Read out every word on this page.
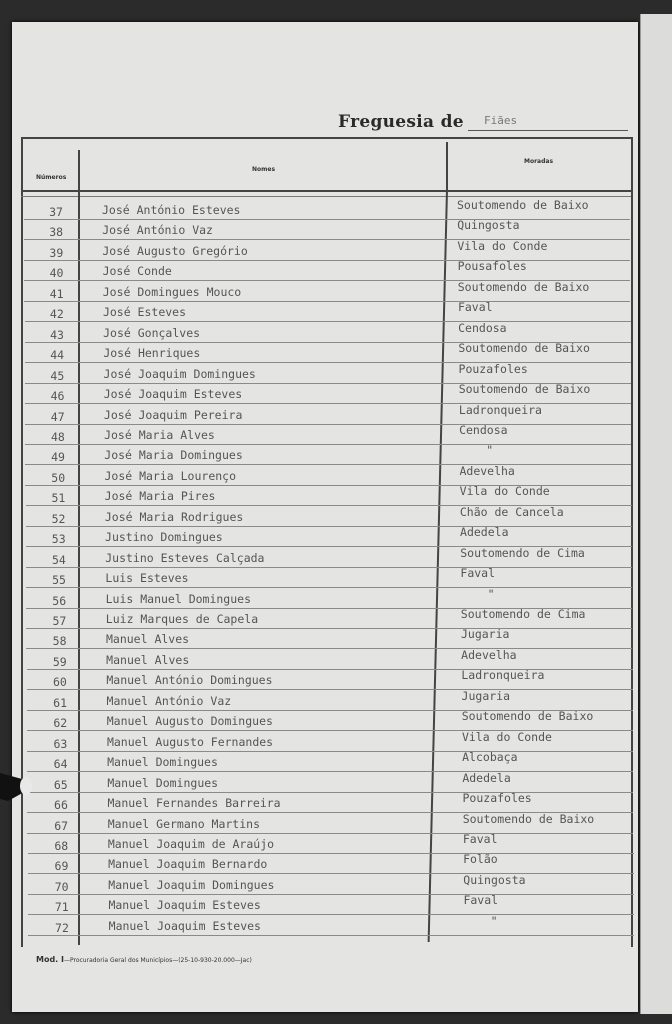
Freguesia de Fiães
Números
Nomes
Moradas
37	José António Esteves	Soutomendo de Baixo
38	José António Vaz	Quingosta
39	José Augusto Gregório	Vila do Conde
40	José Conde	Pousafoles
41	José Domingues Mouco	Soutomendo de Baixo
42	José Esteves	Faval
43	José Gonçalves	Cendosa
44	José Henriques	Soutomendo de Baixo
45	José Joaquim Domingues	Pouzafoles
46	José Joaquim Esteves	Soutomendo de Baixo
47	José Joaquim Pereira	Ladronqueira
48	José Maria Alves	Cendosa
49	José Maria Domingues	"
50	José Maria Lourenço	Adevelha
51	José Maria Pires	Vila do Conde
52	José Maria Rodrigues	Chão de Cancela
53	Justino Domingues	Adedela
54	Justino Esteves Calçada	Soutomendo de Cima
55	Luis Esteves	Faval
56	Luis Manuel Domingues	"
57	Luiz Marques de Capela	Soutomendo de Cima
58	Manuel Alves	Jugaria
59	Manuel Alves	Adevelha
60	Manuel António Domingues	Ladronqueira
61	Manuel António Vaz	Jugaria
62	Manuel Augusto Domingues	Soutomendo de Baixo
63	Manuel Augusto Fernandes	Vila do Conde
64	Manuel Domingues	Alcobaça
65	Manuel Domingues	Adedela
66	Manuel Fernandes Barreira	Pouzafoles
67	Manuel Germano Martins	Soutomendo de Baixo
68	Manuel Joaquim de Araújo	Faval
69	Manuel Joaquim Bernardo	Folão
70	Manuel Joaquim Domingues	Quingosta
71	Manuel Joaquim Esteves	Faval
72	Manuel Joaquim Esteves	"
Mod. I—Procuradoria Geral dos Municípios—(25-10-930-20.000—Jac)
